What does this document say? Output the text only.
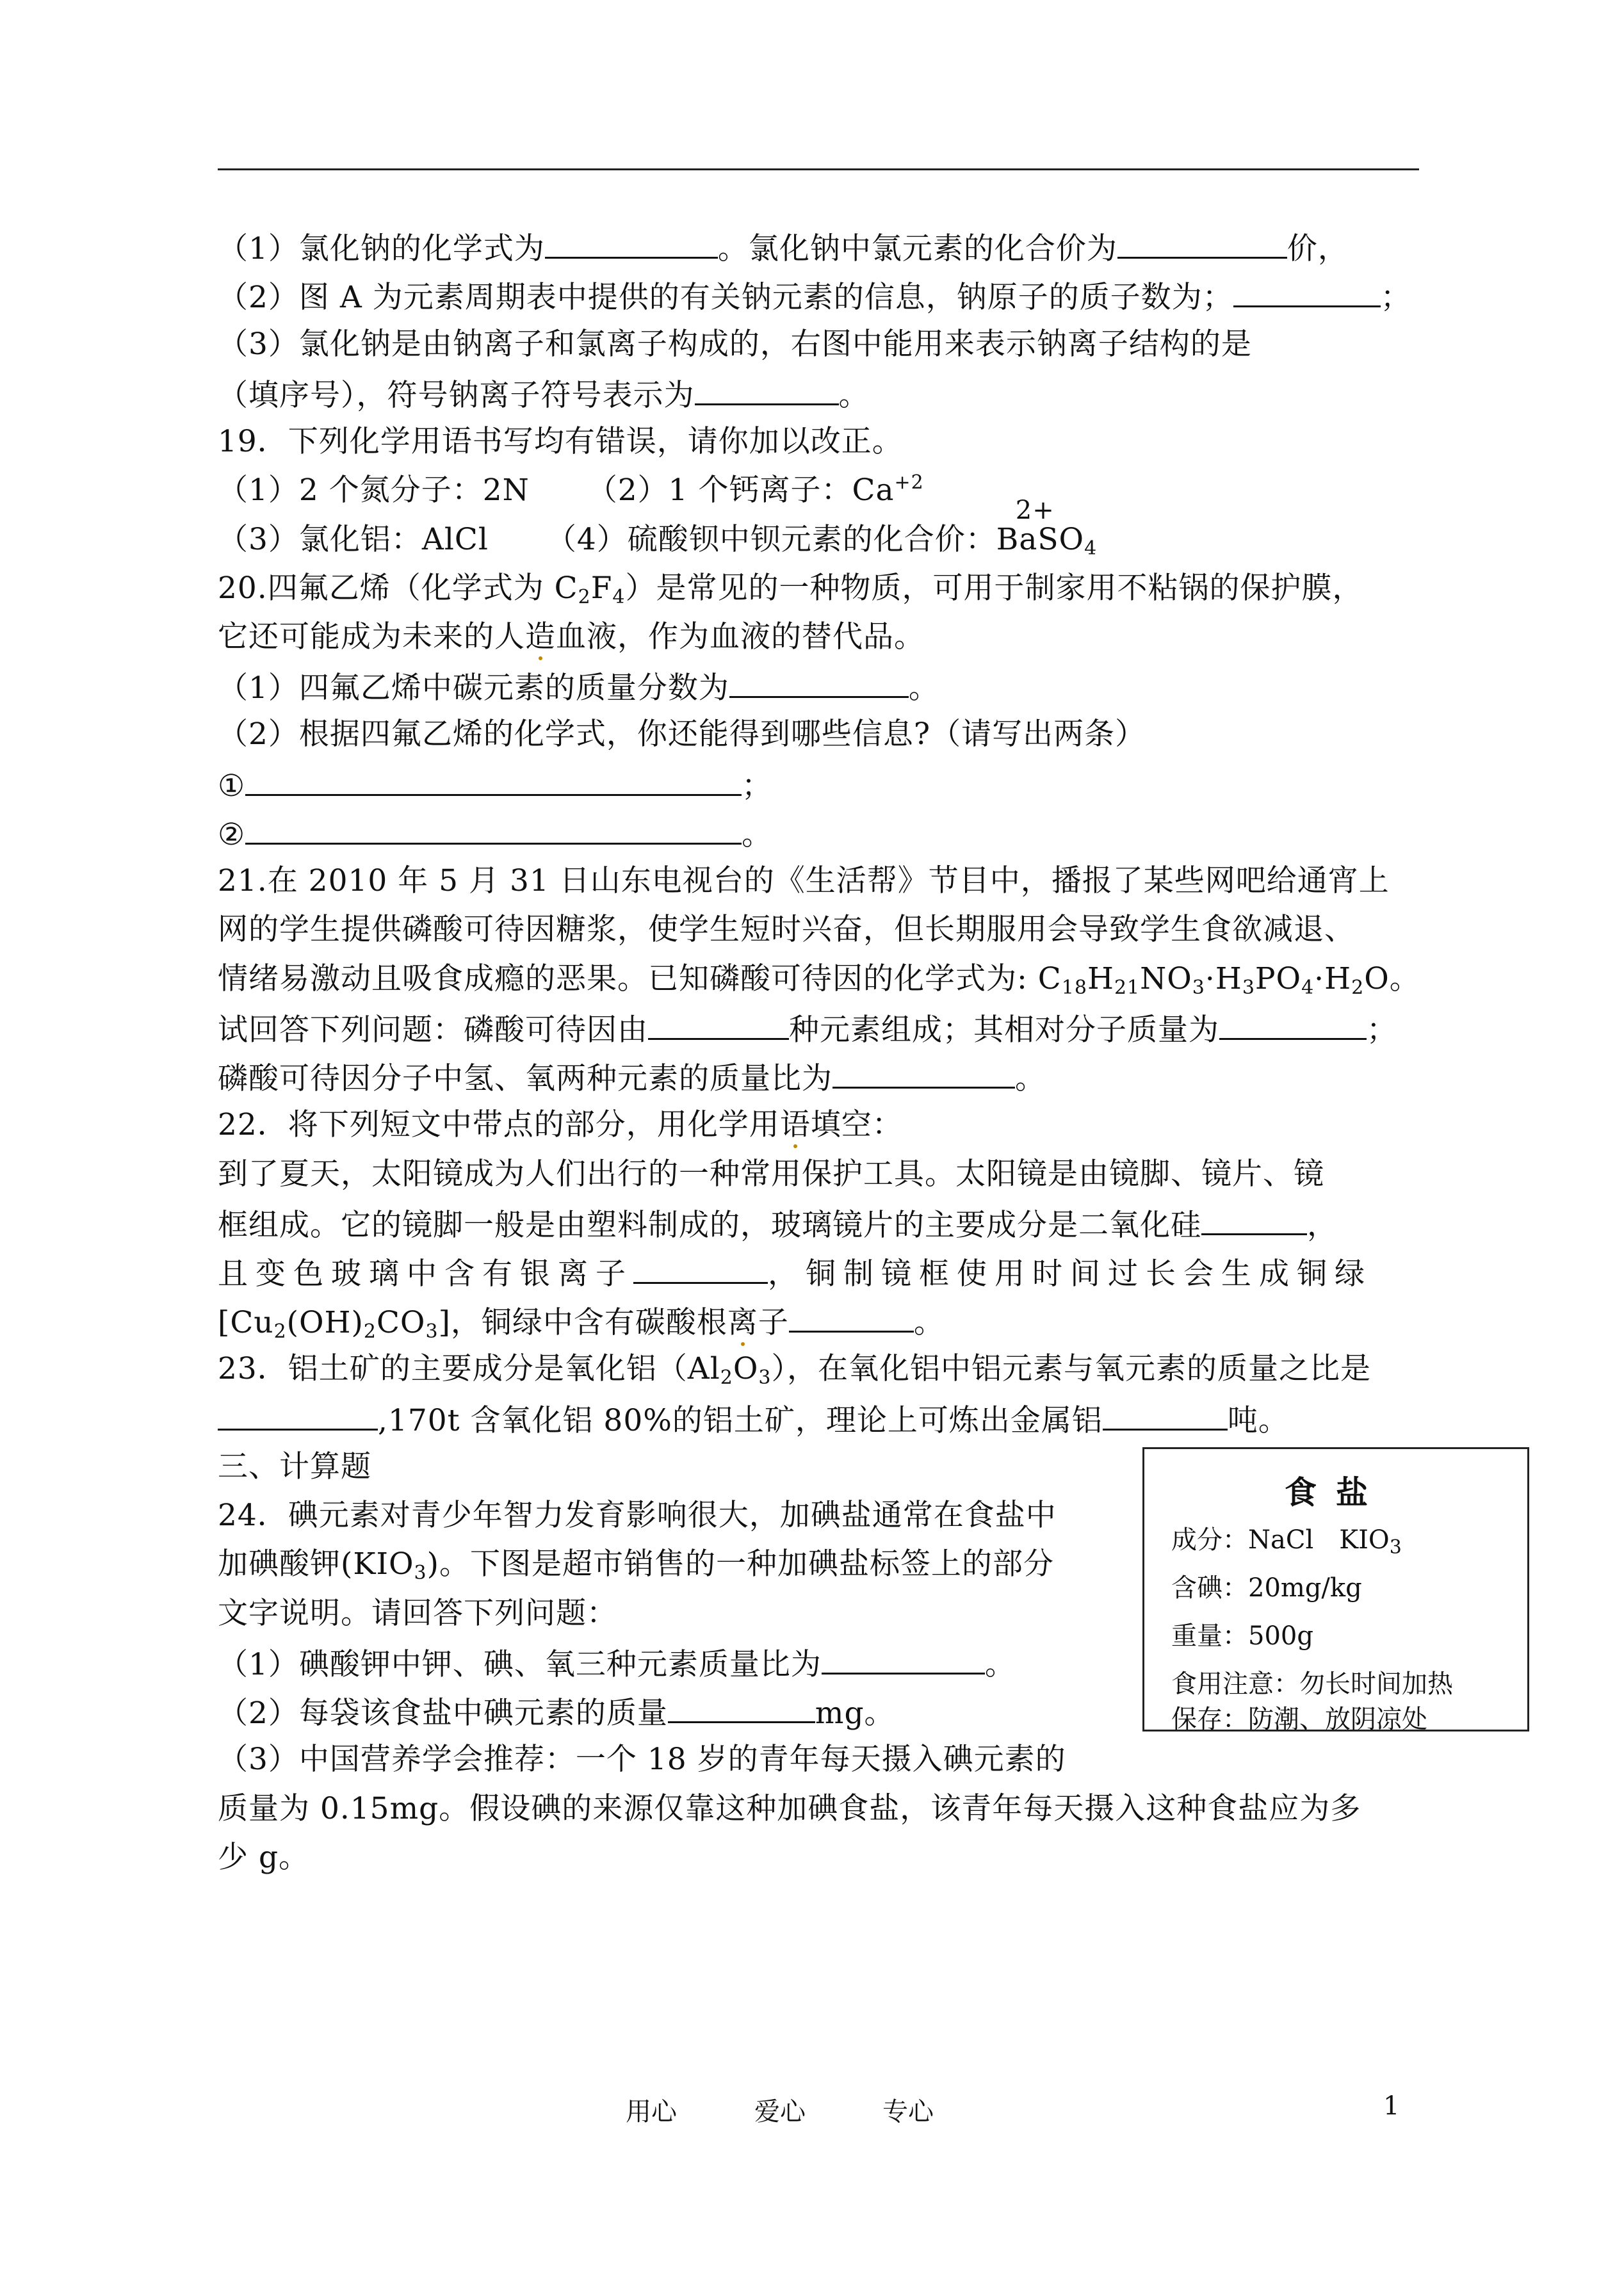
（1）氯化钠的化学式为	。氯化钠中氯元素的化合价为	价，
（2）图 A 为元素周期表中提供的有关钠元素的信息，钠原子的质子数为；	；
（3）氯化钠是由钠离子和氯离子构成的，右图中能用来表示钠离子结构的是
（填序号），符号钠离子符号表示为	。
19．下列化学用语书写均有错误，请你加以改正。
（1）2 个氮分子：2N （2）1 个钙离子：$Ca^{+2}$
（3）氯化铝：AlCl （4）硫酸钡中钡元素的化合价：
2+
BaSO$_4$
20.四氟乙烯（化学式为 $C_2F_4$）是常见的一种物质，可用于制家用不粘锅的保护膜，
它还可能成为未来的人造血液，作为血液的替代品。
（1）四氟乙烯中碳元素的质量分数为	。
（2）根据四氟乙烯的化学式，你还能得到哪些信息?（请写出两条）
①	；
②	。
21.在 2010 年 5 月 31 日山东电视台的《生活帮》节目中，播报了某些网吧给通宵上
网的学生提供磷酸可待因糖浆，使学生短时兴奋，但长期服用会导致学生食欲减退、
情绪易激动且吸食成瘾的恶果。已知磷酸可待因的化学式为: $C_{18}H_{21}NO_3\cdot H_3PO_4\cdot H_2O$。
试回答下列问题：磷酸可待因由	种元素组成；其相对分子质量为	；
磷酸可待因分子中氢、氧两种元素的质量比为	。
22．将下列短文中带点的部分，用化学用语填空：
到了夏天，太阳镜成为人们出行的一种常用保护工具。太阳镜是由镜脚、镜片、镜
框组成。它的镜脚一般是由塑料制成的，玻璃镜片的主要成分是二氧化硅	，
且变色玻璃中含有银离子	，铜制镜框使用时间过长会生成铜绿
$[Cu_2(OH)_2CO_3]$，铜绿中含有碳酸根离子	。
23．铝土矿的主要成分是氧化铝$(Al_2O_3)$，在氧化铝中铝元素与氧元素的质量之比是
,170t 含氧化铝 80%的铝土矿，理论上可炼出金属铝	吨。
三、计算题
24．碘元素对青少年智力发育影响很大，加碘盐通常在食盐中
加碘酸钾$(KIO_3)$。下图是超市销售的一种加碘盐标签上的部分
文字说明。请回答下列问题：
（1）碘酸钾中钾、碘、氧三种元素质量比为	。
（2）每袋该食盐中碘元素的质量	mg。
（3）中国营养学会推荐：一个 18 岁的青年每天摄入碘元素的
质量为 0.15mg。假设碘的来源仅靠这种加碘食盐，该青年每天摄入这种食盐应为多
少 g。
食盐
成分：NaCl　$KIO_3$
含碘：20mg/kg
重量：500g
食用注意：勿长时间加热
保存：防潮、放阴凉处
用心	爱心	专心	1
